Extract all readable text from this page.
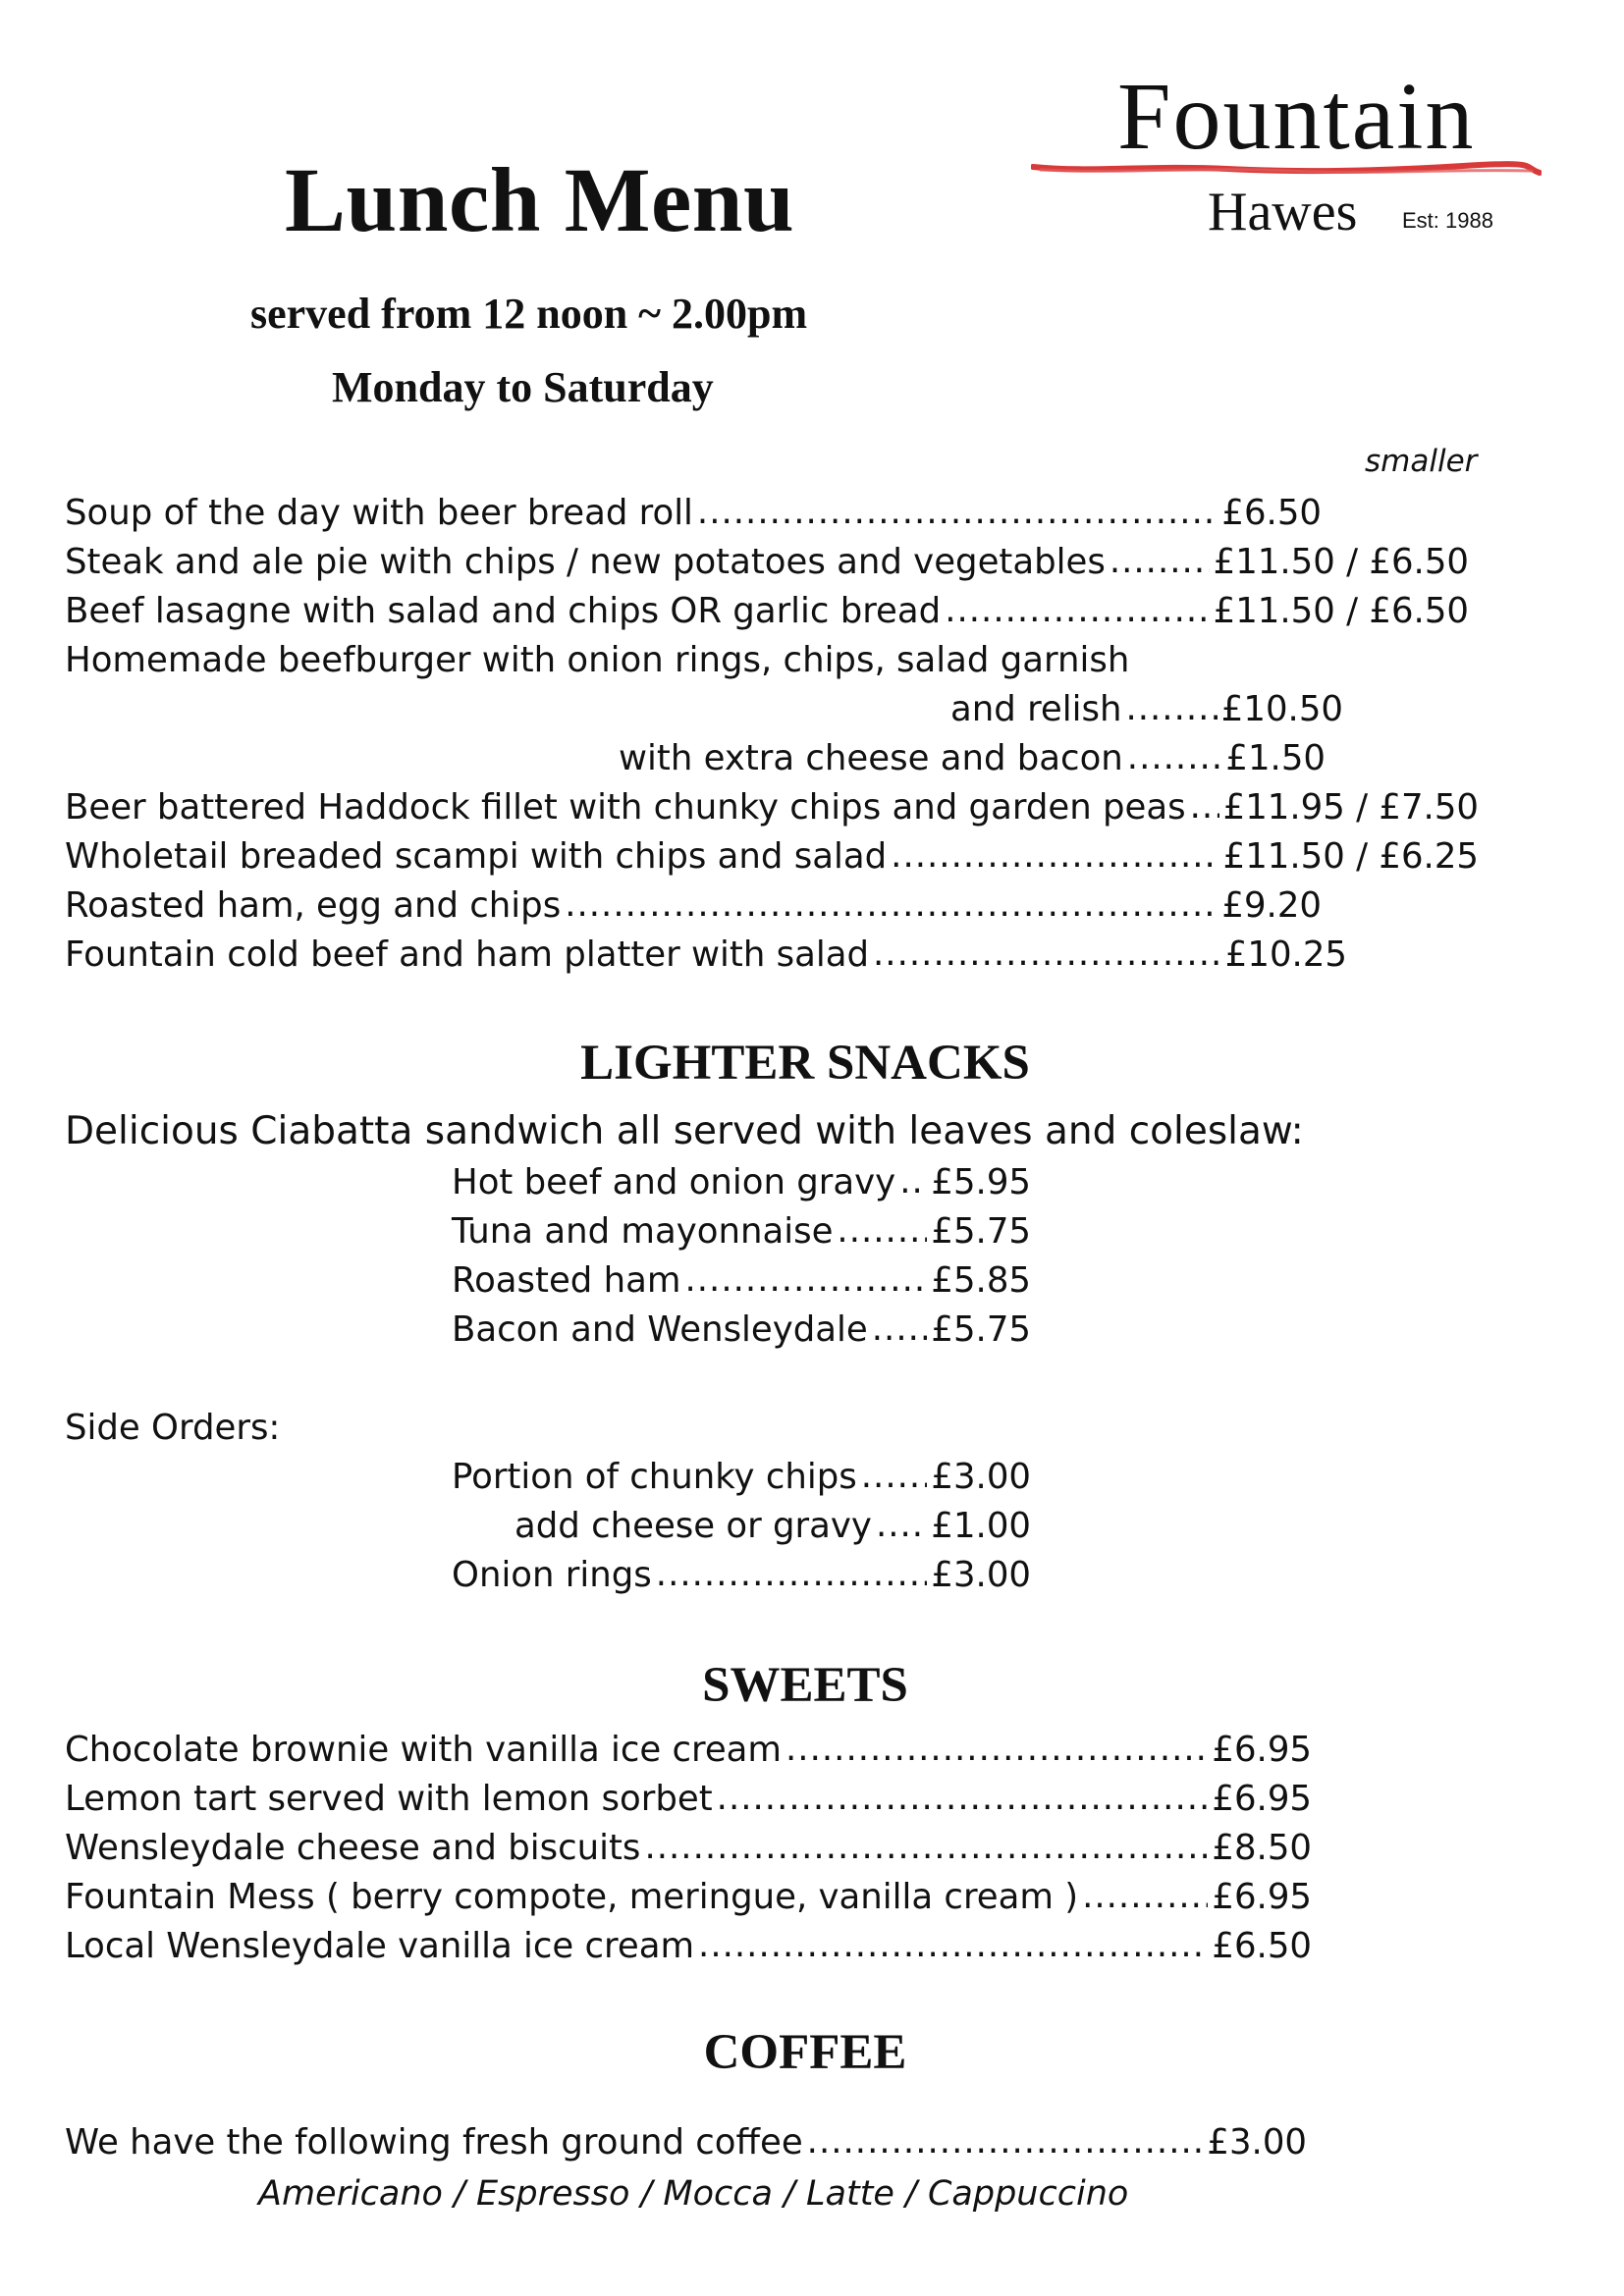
Lunch Menu
served from 12 noon ~ 2.00pm
Monday to Saturday
Fountain
Hawes Est: 1988
smaller
Soup of the day with beer bread roll .....	£6.50
Steak and ale pie with chips / new potatoes and vegetables .....	£11.50 / £6.50
Beef lasagne with salad and chips OR garlic bread .....	£11.50 / £6.50
Homemade beefburger with onion rings, chips, salad garnish
and relish .....	£10.50
with extra cheese and bacon .....	£1.50
Beer battered Haddock fillet with chunky chips and garden peas ..... £11.95 / £7.50
Wholetail breaded scampi with chips and salad .....	£11.50 / £6.25
Roasted ham, egg and chips .....	£9.20
Fountain cold beef and ham platter with salad .....	£10.25
LIGHTER SNACKS
Delicious Ciabatta sandwich all served with leaves and coleslaw:
Hot beef and onion gravy ..... £5.95
Tuna and mayonnaise .....	£5.75
Roasted ham .....	£5.85
Bacon and Wensleydale ..... £5.75
Side Orders:
Portion of chunky chips ..... £3.00
add cheese or gravy ..... £1.00
Onion rings .....	£3.00
SWEETS
Chocolate brownie with vanilla ice cream .....	£6.95
Lemon tart served with lemon sorbet .....	£6.95
Wensleydale cheese and biscuits .....	£8.50
Fountain Mess ( berry compote, meringue, vanilla cream ) .....	£6.95
Local Wensleydale vanilla ice cream .....	£6.50
COFFEE
We have the following fresh ground coffee .....	£3.00
Americano / Espresso / Mocca / Latte / Cappuccino
